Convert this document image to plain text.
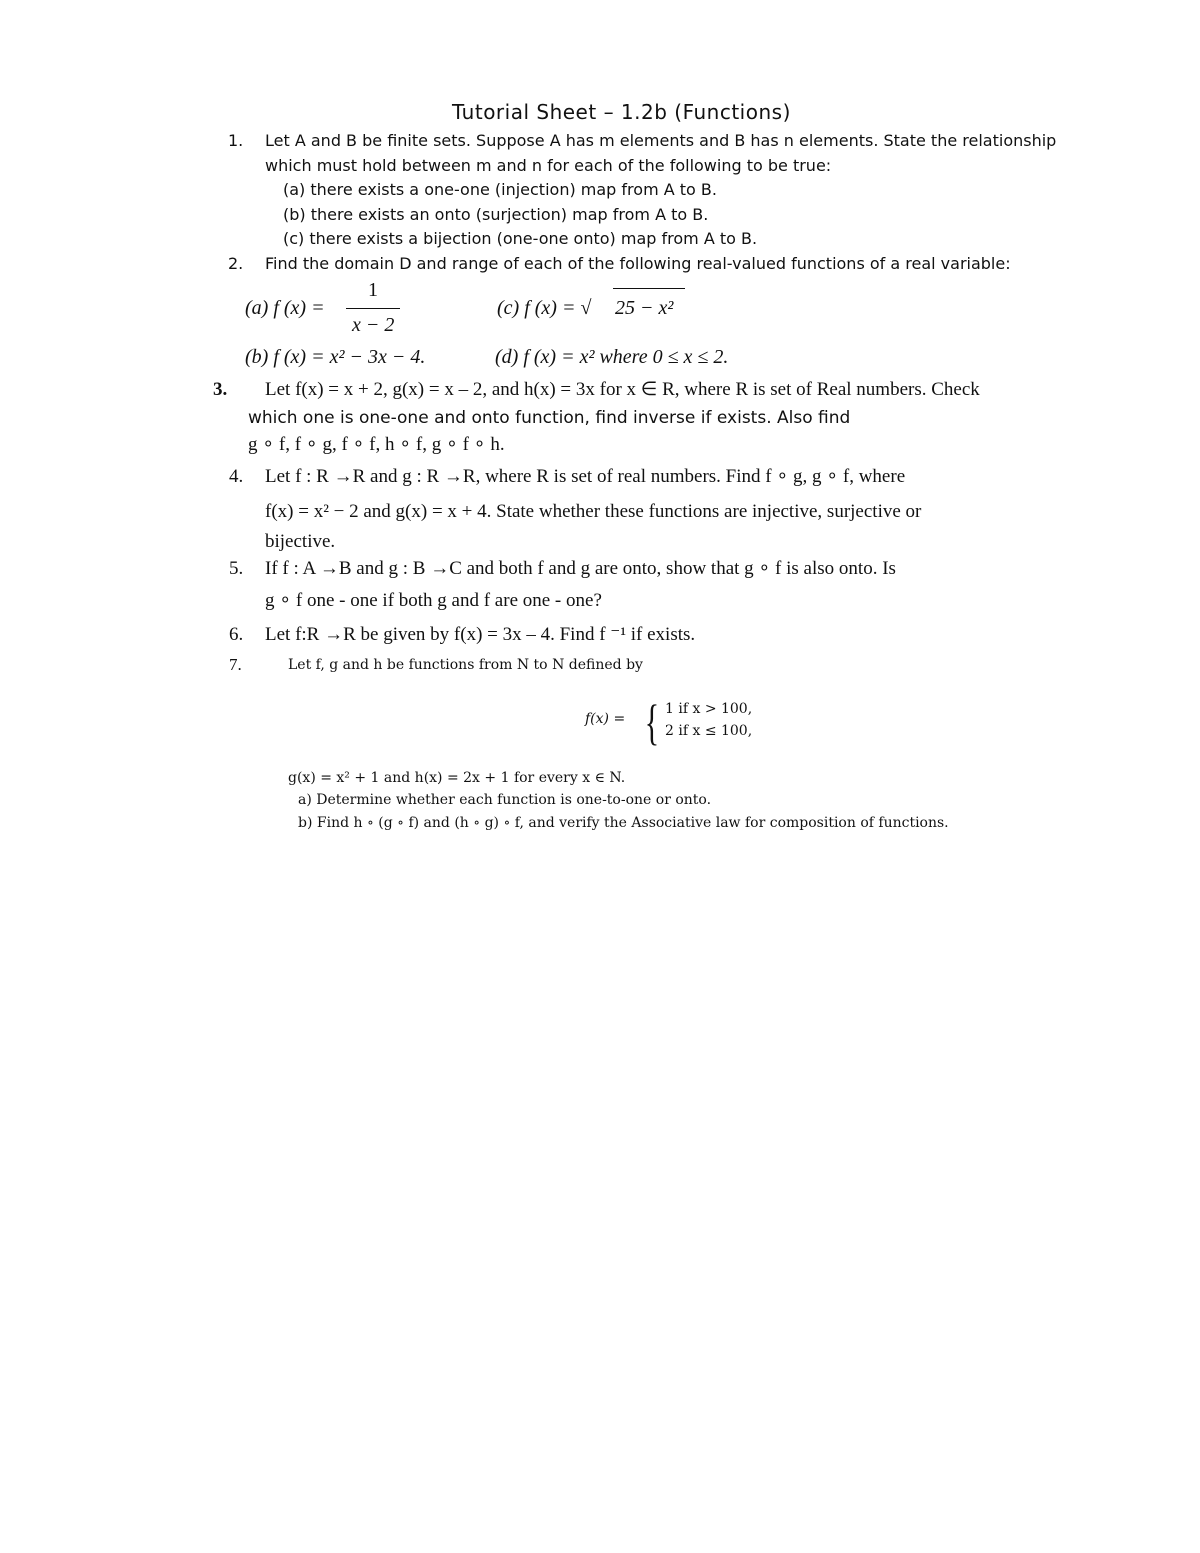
Tutorial Sheet – 1.2b (Functions)
1. Let A and B be finite sets. Suppose A has m elements and B has n elements. State the relationship
which must hold between m and n for each of the following to be true:
(a) there exists a one-one (injection) map from A to B.
(b) there exists an onto (surjection) map from A to B.
(c) there exists a bijection (one-one onto) map from A to B.
2. Find the domain D and range of each of the following real-valued functions of a real variable:
(a) f (x) =
1
x − 2
(c) f (x) = √ 25 − x²
(b) f (x) = x² − 3x − 4.	(d) f (x) = x² where 0 ≤ x ≤ 2.
3. Let f(x) = x + 2, g(x) = x – 2, and h(x) = 3x for x ∈ R, where R is set of Real numbers. Check
which one is one-one and onto function, find inverse if exists. Also find
g ∘ f, f ∘ g, f ∘ f, h ∘ f, g ∘ f ∘ h.
4. Let f : R →R and g : R →R, where R is set of real numbers. Find f ∘ g, g ∘ f, where
f(x) = x² − 2 and g(x) = x + 4. State whether these functions are injective, surjective or
bijective.
5. If f : A →B and g : B →C and both f and g are onto, show that g ∘ f is also onto. Is
g ∘ f one - one if both g and f are one - one?
6. Let f:R →R be given by f(x) = 3x – 4. Find f ⁻¹ if exists.
7.	Let f, g and h be functions from N to N defined by
f(x) = { 1 if x > 100,
2 if x ≤ 100,
g(x) = x² + 1 and h(x) = 2x + 1 for every x ∈ N.
a) Determine whether each function is one-to-one or onto.
b) Find h ∘ (g ∘ f) and (h ∘ g) ∘ f, and verify the Associative law for composition of functions.
